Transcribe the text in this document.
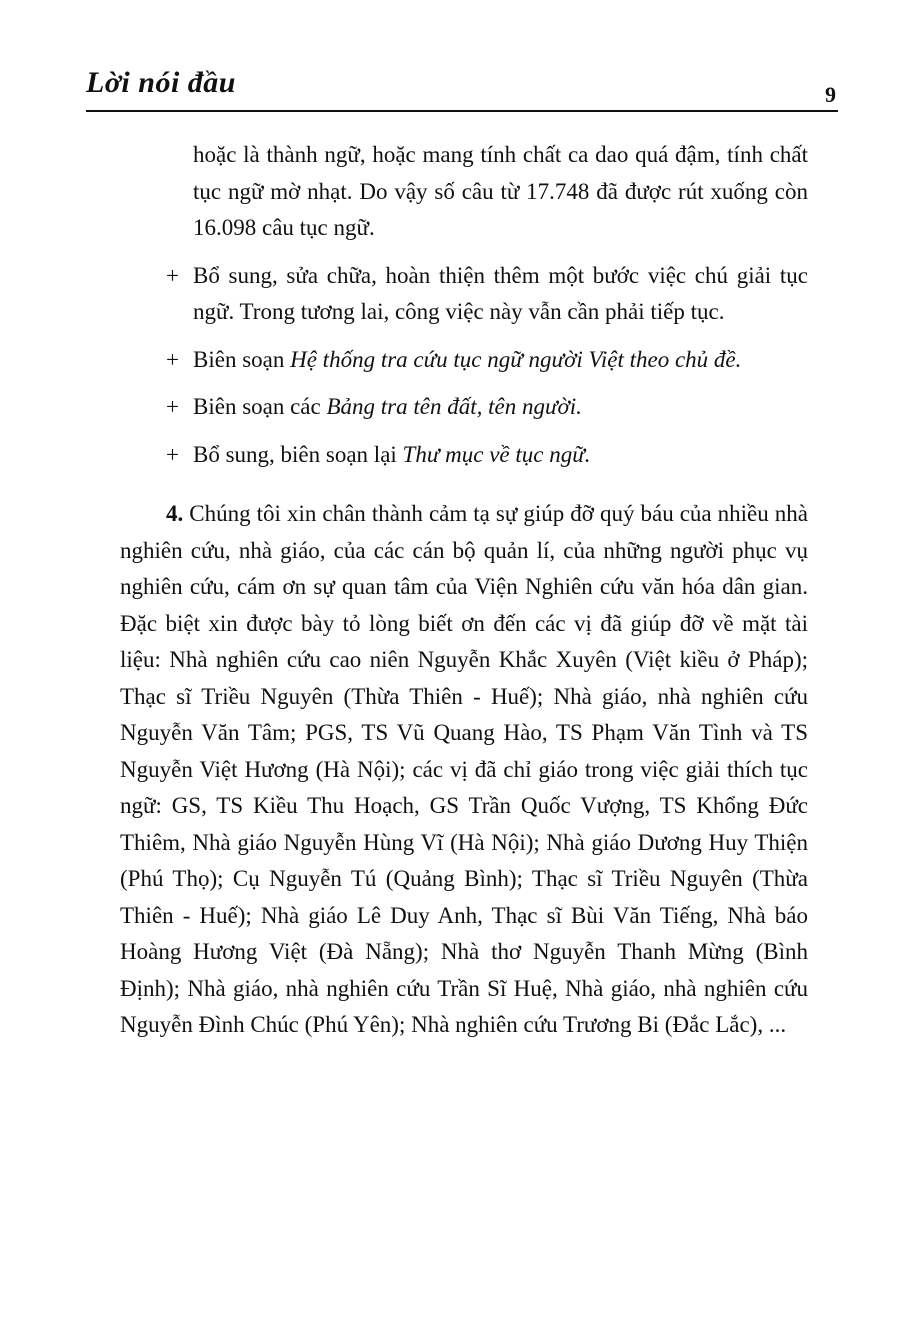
Lời nói đầu	9

hoặc là thành ngữ, hoặc mang tính chất ca dao quá đậm, tính chất tục ngữ mờ nhạt. Do vậy số câu từ 17.748 đã được rút xuống còn 16.098 câu tục ngữ.

+ Bổ sung, sửa chữa, hoàn thiện thêm một bước việc chú giải tục ngữ. Trong tương lai, công việc này vẫn cần phải tiếp tục.
+ Biên soạn Hệ thống tra cứu tục ngữ người Việt theo chủ đề.
+ Biên soạn các Bảng tra tên đất, tên người.
+ Bổ sung, biên soạn lại Thư mục về tục ngữ.

4. Chúng tôi xin chân thành cảm tạ sự giúp đỡ quý báu của nhiều nhà nghiên cứu, nhà giáo, của các cán bộ quản lí, của những người phục vụ nghiên cứu, cám ơn sự quan tâm của Viện Nghiên cứu văn hóa dân gian. Đặc biệt xin được bày tỏ lòng biết ơn đến các vị đã giúp đỡ về mặt tài liệu: Nhà nghiên cứu cao niên Nguyễn Khắc Xuyên (Việt kiều ở Pháp); Thạc sĩ Triều Nguyên (Thừa Thiên - Huế); Nhà giáo, nhà nghiên cứu Nguyễn Văn Tâm; PGS, TS Vũ Quang Hào, TS Phạm Văn Tình và TS Nguyễn Việt Hương (Hà Nội); các vị đã chỉ giáo trong việc giải thích tục ngữ: GS, TS Kiều Thu Hoạch, GS Trần Quốc Vượng, TS Khổng Đức Thiêm, Nhà giáo Nguyễn Hùng Vĩ (Hà Nội); Nhà giáo Dương Huy Thiện (Phú Thọ); Cụ Nguyễn Tú (Quảng Bình); Thạc sĩ Triều Nguyên (Thừa Thiên - Huế); Nhà giáo Lê Duy Anh, Thạc sĩ Bùi Văn Tiếng, Nhà báo Hoàng Hương Việt (Đà Nẵng); Nhà thơ Nguyễn Thanh Mừng (Bình Định); Nhà giáo, nhà nghiên cứu Trần Sĩ Huệ, Nhà giáo, nhà nghiên cứu Nguyễn Đình Chúc (Phú Yên); Nhà nghiên cứu Trương Bi (Đắc Lắc), ...
